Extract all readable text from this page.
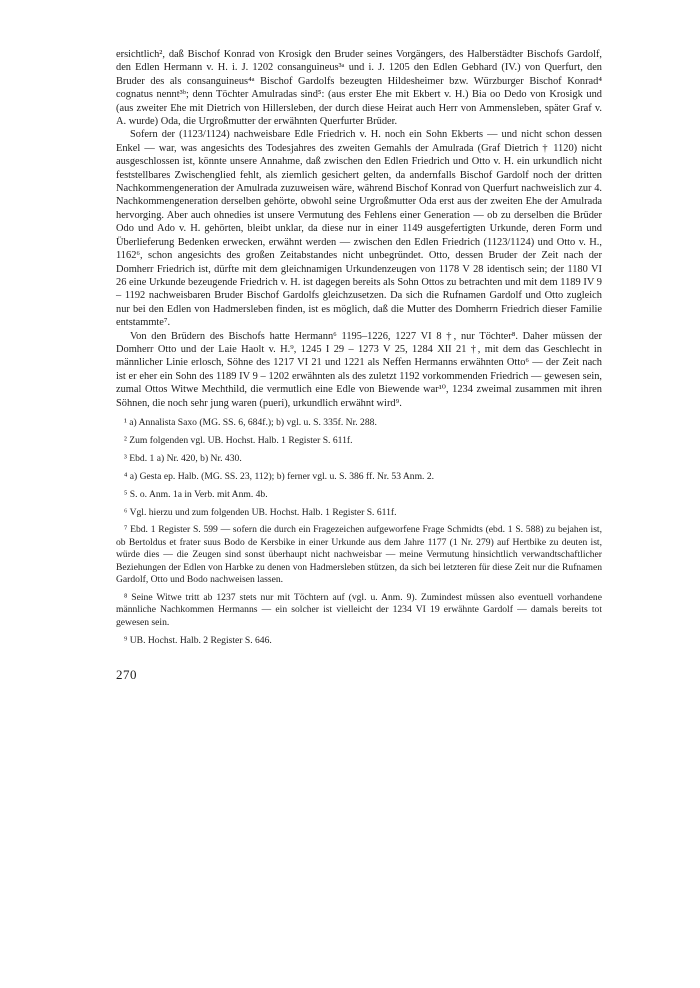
ersichtlich², daß Bischof Konrad von Krosigk den Bruder seines Vorgängers, des Halberstädter Bischofs Gardolf, den Edlen Hermann v. H. i. J. 1202 consanguineus³ᵃ und i. J. 1205 den Edlen Gebhard (IV.) von Querfurt, den Bruder des als consanguineus⁴ᵃ Bischof Gardolfs bezeugten Hildesheimer bzw. Würzburger Bischof Konrad⁴ cognatus nennt³ᵇ; denn Töchter Amulradas sind⁵: (aus erster Ehe mit Ekbert v. H.) Bia oo Dedo von Krosigk und (aus zweiter Ehe mit Dietrich von Hillersleben, der durch diese Heirat auch Herr von Ammensleben, später Graf v. A. wurde) Oda, die Urgroßmutter der erwähnten Querfurter Brüder.

Sofern der (1123/1124) nachweisbare Edle Friedrich v. H. noch ein Sohn Ekberts — und nicht schon dessen Enkel — war, was angesichts des Todesjahres des zweiten Gemahls der Amulrada (Graf Dietrich † 1120) nicht ausgeschlossen ist, könnte unsere Annahme, daß zwischen den Edlen Friedrich und Otto v. H. ein urkundlich nicht feststellbares Zwischenglied fehlt, als ziemlich gesichert gelten, da andernfalls Bischof Gardolf noch der dritten Nachkommengeneration der Amulrada zuzuweisen wäre, während Bischof Konrad von Querfurt nachweislich zur 4. Nachkommengeneration derselben gehörte, obwohl seine Urgroßmutter Oda erst aus der zweiten Ehe der Amulrada hervorging. Aber auch ohnedies ist unsere Vermutung des Fehlens einer Generation — ob zu derselben die Brüder Odo und Ado v. H. gehörten, bleibt unklar, da diese nur in einer 1149 ausgefertigten Urkunde, deren Form und Überlieferung Bedenken erwecken, erwähnt werden — zwischen den Edlen Friedrich (1123/1124) und Otto v. H., 1162⁶, schon angesichts des großen Zeitabstandes nicht unbegründet. Otto, dessen Bruder der Zeit nach der Domherr Friedrich ist, dürfte mit dem gleichnamigen Urkundenzeugen von 1178 V 28 identisch sein; der 1180 VI 26 eine Urkunde bezeugende Friedrich v. H. ist dagegen bereits als Sohn Ottos zu betrachten und mit dem 1189 IV 9 – 1192 nachweisbaren Bruder Bischof Gardolfs gleichzusetzen. Da sich die Rufnamen Gardolf und Otto zugleich nur bei den Edlen von Hadmersleben finden, ist es möglich, daß die Mutter des Domherrn Friedrich dieser Familie entstammte⁷.

Von den Brüdern des Bischofs hatte Hermann⁶ 1195–1226, 1227 VI 8 †, nur Töchter⁸. Daher müssen der Domherr Otto und der Laie Haolt v. H.⁹, 1245 I 29 – 1273 V 25, 1284 XII 21 †, mit dem das Geschlecht in männlicher Linie erlosch, Söhne des 1217 VI 21 und 1221 als Neffen Hermanns erwähnten Otto⁶ — der Zeit nach ist er eher ein Sohn des 1189 IV 9 – 1202 erwähnten als des zuletzt 1192 vorkommenden Friedrich — gewesen sein, zumal Ottos Witwe Mechthild, die vermutlich eine Edle von Biewende war¹⁰, 1234 zweimal zusammen mit ihren Söhnen, die noch sehr jung waren (pueri), urkundlich erwähnt wird⁹.

¹ a) Annalista Saxo (MG. SS. 6, 684f.); b) vgl. u. S. 335f. Nr. 288.

² Zum folgenden vgl. UB. Hochst. Halb. 1 Register S. 611f.

³ Ebd. 1 a) Nr. 420, b) Nr. 430.

⁴ a) Gesta ep. Halb. (MG. SS. 23, 112); b) ferner vgl. u. S. 386 ff. Nr. 53 Anm. 2.

⁵ S. o. Anm. 1a in Verb. mit Anm. 4b.

⁶ Vgl. hierzu und zum folgenden UB. Hochst. Halb. 1 Register S. 611f.

⁷ Ebd. 1 Register S. 599 — sofern die durch ein Fragezeichen aufgeworfene Frage Schmidts (ebd. 1 S. 588) zu bejahen ist, ob Bertoldus et frater suus Bodo de Kersbike in einer Urkunde aus dem Jahre 1177 (1 Nr. 279) auf Hertbike zu deuten ist, würde dies — die Zeugen sind sonst überhaupt nicht nachweisbar — meine Vermutung hinsichtlich verwandtschaftlicher Beziehungen der Edlen von Harbke zu denen von Hadmersleben stützen, da sich bei letzteren für diese Zeit nur die Rufnamen Gardolf, Otto und Bodo nachweisen lassen.

⁸ Seine Witwe tritt ab 1237 stets nur mit Töchtern auf (vgl. u. Anm. 9). Zumindest müssen also eventuell vorhandene männliche Nachkommen Hermanns — ein solcher ist vielleicht der 1234 VI 19 erwähnte Gardolf — damals bereits tot gewesen sein.

⁹ UB. Hochst. Halb. 2 Register S. 646.

270
